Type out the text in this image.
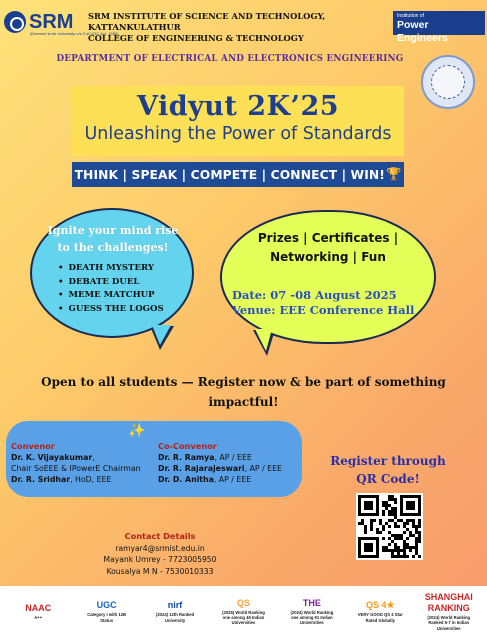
SRM
(Deemed to be University u/s 3 of UGC Act, 1956)
SRM INSTITUTE OF SCIENCE AND TECHNOLOGY, KATTANKULATHUR
COLLEGE OF ENGINEERING & TECHNOLOGY
Institution of
Power Engineers
DEPARTMENT OF ELECTRICAL AND ELECTRONICS ENGINEERING
Vidyut 2K’25
Unleashing the Power of Standards
THINK | SPEAK | COMPETE | CONNECT | WIN! 🏆
Ignite your mind rise to the challenges!
• DEATH MYSTERY
• DEBATE DUEL
• MEME MATCHUP
• GUESS THE LOGOS
Prizes | Certificates | Networking | Fun
Date: 07 -08 August 2025
Venue: EEE Conference Hall
Open to all students — Register now & be part of something impactful!
✨
Convenor
Dr. K. Vijayakumar,
Chair SoEEE & IPowerE Chairman
Dr. R. Sridhar, HoD, EEE
Co-Convenor
Dr. R. Ramya, AP / EEE
Dr. R. Rajarajeswari, AP / EEE
Dr. D. Anitha, AP / EEE
Register through QR Code!
Contact Details
ramyar4@srmist.edu.in
Mayank Umrey - 7723005950
Kousalya M N - 7530010333
NAAC
A++
UGC
Category I with 12B Status
nirf
(2024) 12th Ranked University
QS
(2025) World Ranking one among 46 Indian Universities
THE
(2024) World Ranking one among 91 Indian Universities
QS 4★
VERY GOOD QS 4 Star Rated Globally
SHANGHAI RANKING
(2024) World Ranking Ranked 5-7 in Indian Universities
